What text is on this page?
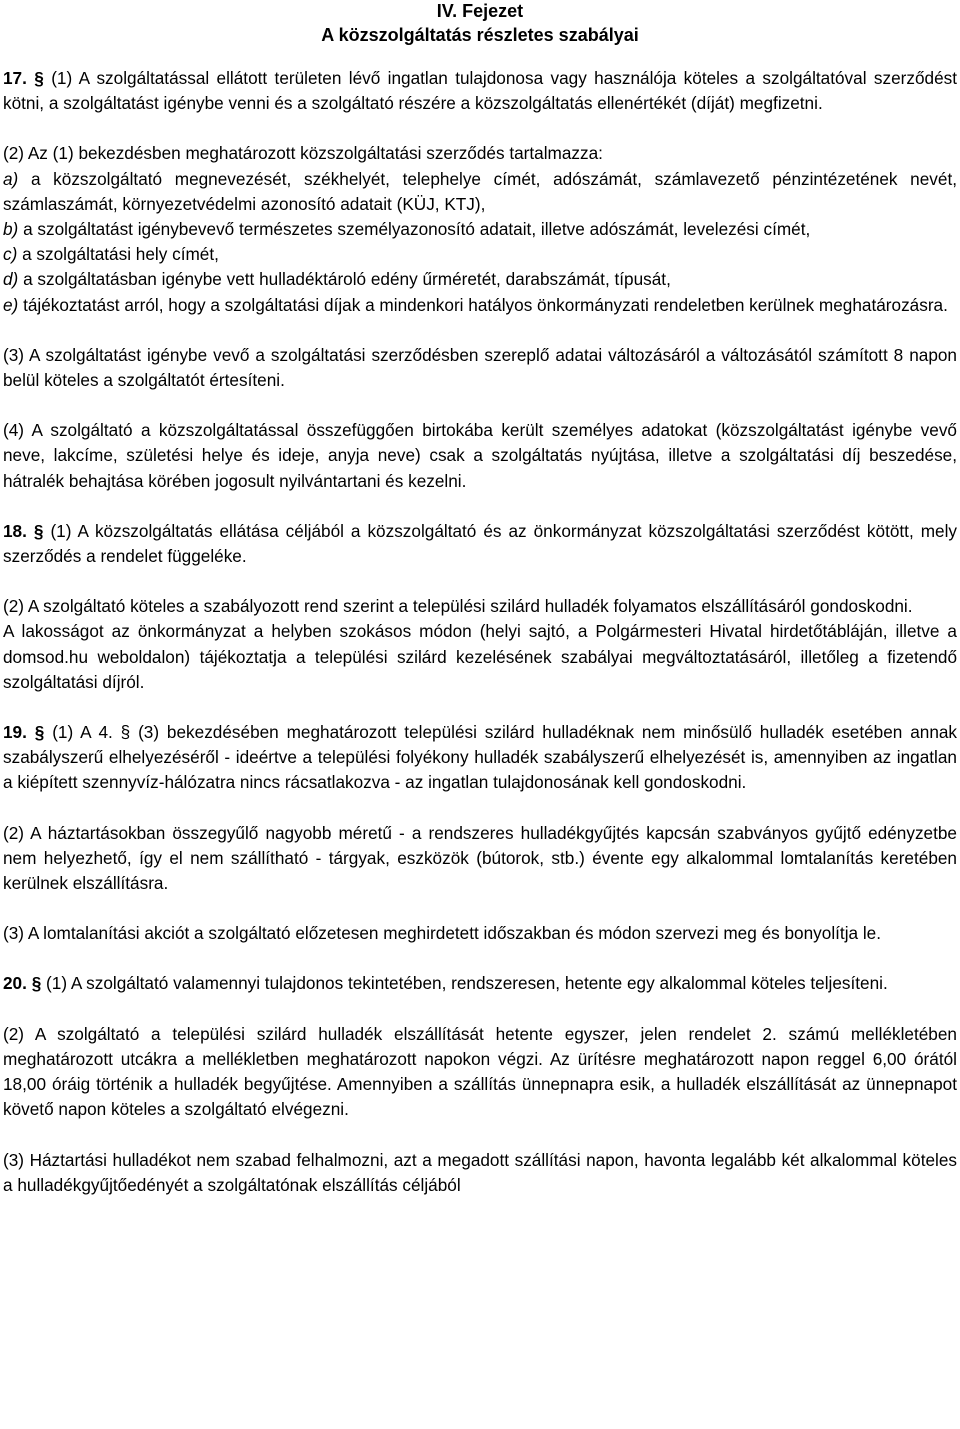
IV. Fejezet
A közszolgáltatás részletes szabályai

17. § (1) A szolgáltatással ellátott területen lévő ingatlan tulajdonosa vagy használója köteles a szolgáltatóval szerződést kötni, a szolgáltatást igénybe venni és a szolgáltató részére a közszolgáltatás ellenértékét (díját) megfizetni.

(2) Az (1) bekezdésben meghatározott közszolgáltatási szerződés tartalmazza:
a) a közszolgáltató megnevezését, székhelyét, telephelye címét, adószámát, számlavezető pénzintézetének nevét, számlaszámát, környezetvédelmi azonosító adatait (KÜJ, KTJ),
b) a szolgáltatást igénybevevő természetes személyazonosító adatait, illetve adószámát, levelezési címét,
c) a szolgáltatási hely címét,
d) a szolgáltatásban igénybe vett hulladéktároló edény űrméretét, darabszámát, típusát,
e) tájékoztatást arról, hogy a szolgáltatási díjak a mindenkori hatályos önkormányzati rendeletben kerülnek meghatározásra.

(3) A szolgáltatást igénybe vevő a szolgáltatási szerződésben szereplő adatai változásáról a változásától számított 8 napon belül köteles a szolgáltatót értesíteni.

(4) A szolgáltató a közszolgáltatással összefüggően birtokába került személyes adatokat (közszolgáltatást igénybe vevő neve, lakcíme, születési helye és ideje, anyja neve) csak a szolgáltatás nyújtása, illetve a szolgáltatási díj beszedése, hátralék behajtása körében jogosult nyilvántartani és kezelni.

18. § (1) A közszolgáltatás ellátása céljából a közszolgáltató és az önkormányzat közszolgáltatási szerződést kötött, mely szerződés a rendelet függeléke.

(2) A szolgáltató köteles a szabályozott rend szerint a települési szilárd hulladék folyamatos elszállításáról gondoskodni.
A lakosságot az önkormányzat a helyben szokásos módon (helyi sajtó, a Polgármesteri Hivatal hirdetőtábláján, illetve a domsod.hu weboldalon) tájékoztatja a települési szilárd kezelésének szabályai megváltoztatásáról, illetőleg a fizetendő szolgáltatási díjról.

19. § (1) A 4. § (3) bekezdésében meghatározott települési szilárd hulladéknak nem minősülő hulladék esetében annak szabályszerű elhelyezéséről - ideértve a települési folyékony hulladék szabályszerű elhelyezését is, amennyiben az ingatlan a kiépített szennyvíz-hálózatra nincs rácsatlakozva - az ingatlan tulajdonosának kell gondoskodni.

(2) A háztartásokban összegyűlő nagyobb méretű - a rendszeres hulladékgyűjtés kapcsán szabványos gyűjtő edényzetbe nem helyezhető, így el nem szállítható - tárgyak, eszközök (bútorok, stb.) évente egy alkalommal lomtalanítás keretében kerülnek elszállításra.

(3) A lomtalanítási akciót a szolgáltató előzetesen meghirdetett időszakban és módon szervezi meg és bonyolítja le.

20. § (1) A szolgáltató valamennyi tulajdonos tekintetében, rendszeresen, hetente egy alkalommal köteles teljesíteni.

(2) A szolgáltató a települési szilárd hulladék elszállítását hetente egyszer, jelen rendelet 2. számú mellékletében meghatározott utcákra a mellékletben meghatározott napokon végzi. Az ürítésre meghatározott napon reggel 6,00 órától 18,00 óráig történik a hulladék begyűjtése. Amennyiben a szállítás ünnepnapra esik, a hulladék elszállítását az ünnepnapot követő napon köteles a szolgáltató elvégezni.

(3) Háztartási hulladékot nem szabad felhalmozni, azt a megadott szállítási napon, havonta legalább két alkalommal köteles a hulladékgyűjtőedényét a szolgáltatónak elszállítás céljából
